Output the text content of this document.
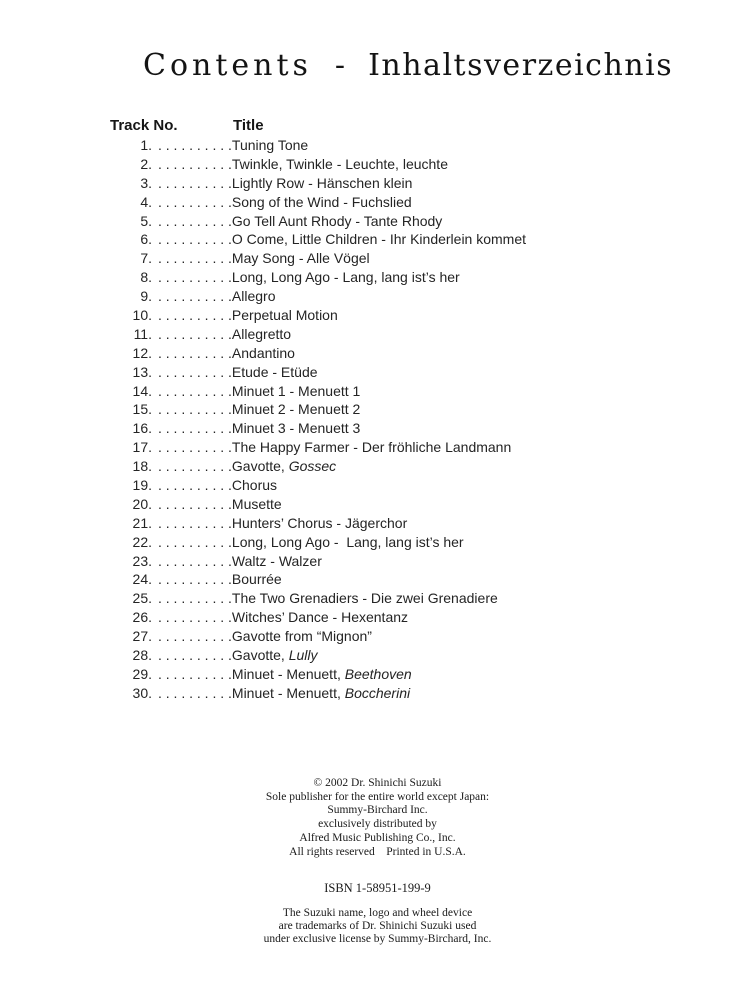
Contents - Inhaltsverzeichnis
Track No.	Title
1. . . . . . . . . . . Tuning Tone
2. . . . . . . . . . . Twinkle, Twinkle - Leuchte, leuchte
3. . . . . . . . . . . Lightly Row - Hänschen klein
4. . . . . . . . . . . Song of the Wind - Fuchslied
5. . . . . . . . . . . Go Tell Aunt Rhody - Tante Rhody
6. . . . . . . . . . . O Come, Little Children - Ihr Kinderlein kommet
7. . . . . . . . . . . May Song - Alle Vögel
8. . . . . . . . . . . Long, Long Ago - Lang, lang ist’s her
9. . . . . . . . . . . Allegro
10. . . . . . . . . . . Perpetual Motion
11. . . . . . . . . . . Allegretto
12. . . . . . . . . . . Andantino
13. . . . . . . . . . . Etude - Etüde
14. . . . . . . . . . . Minuet 1 - Menuett 1
15. . . . . . . . . . . Minuet 2 - Menuett 2
16. . . . . . . . . . . Minuet 3 - Menuett 3
17. . . . . . . . . . . The Happy Farmer - Der fröhliche Landmann
18. . . . . . . . . . . Gavotte, Gossec
19. . . . . . . . . . . Chorus
20. . . . . . . . . . . Musette
21. . . . . . . . . . . Hunters’ Chorus - Jägerchor
22. . . . . . . . . . . Long, Long Ago -  Lang, lang ist’s her
23. . . . . . . . . . . Waltz - Walzer
24. . . . . . . . . . . Bourrée
25. . . . . . . . . . . The Two Grenadiers - Die zwei Grenadiere
26. . . . . . . . . . . Witches’ Dance - Hexentanz
27. . . . . . . . . . . Gavotte from “Mignon”
28. . . . . . . . . . . Gavotte, Lully
29. . . . . . . . . . . Minuet - Menuett, Beethoven
30. . . . . . . . . . . Minuet - Menuett, Boccherini
© 2002 Dr. Shinichi Suzuki
Sole publisher for the entire world except Japan:
Summy-Birchard Inc.
exclusively distributed by
Alfred Music Publishing Co., Inc.
All rights reserved    Printed in U.S.A.
ISBN 1-58951-199-9
The Suzuki name, logo and wheel device
are trademarks of Dr. Shinichi Suzuki used
under exclusive license by Summy-Birchard, Inc.
